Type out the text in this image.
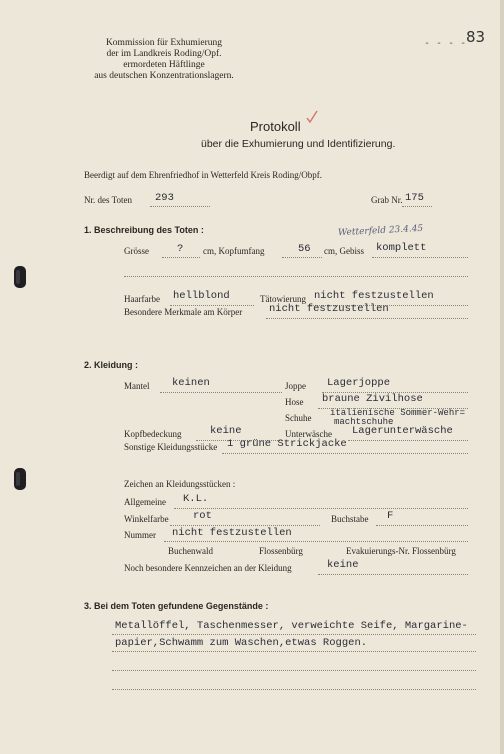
Kommission für Exhumierung
der im Landkreis Roding/Opf.
ermordeten Häftlinge
aus deutschen Konzentrationslagern.
- - - - 83
Protokoll
über die Exhumierung und Identifizierung.
Beerdigt auf dem Ehrenfriedhof in Wetterfeld Kreis Roding/Obpf.
Nr. des Toten 293	Grab Nr. 175
1. Beschreibung des Toten :	Wetterfeld 23.4.45
Grösse	? cm, Kopfumfang	56 cm, Gebiss komplett
Haarfarbe hellblond	Tätowierung nicht festzustellen
Besondere Merkmale am Körper	nicht festzustellen
2. Kleidung :
Mantel keinen	Joppe Lagerjoppe
Hose braune Zivilhose
Schuhe italienische Sommer-Wehr=
machtschuhe
Kopfbedeckung	keine	Unterwäsche Lagerunterwäsche
Sonstige Kleidungsstücke 1 grüne Strickjacke
Zeichen an Kleidungsstücken :
Allgemeine K.L.
Winkelfarbe rot	Buchstabe F
Nummer nicht festzustellen
Buchenwald	Flossenbürg	Evakuierungs-Nr. Flossenbürg
Noch besondere Kennzeichen an der Kleidung	keine
3. Bei dem Toten gefundene Gegenstände :
Metallöffel, Taschenmesser, verweichte Seife, Margarine-
papier,Schwamm zum Waschen,etwas Roggen.
